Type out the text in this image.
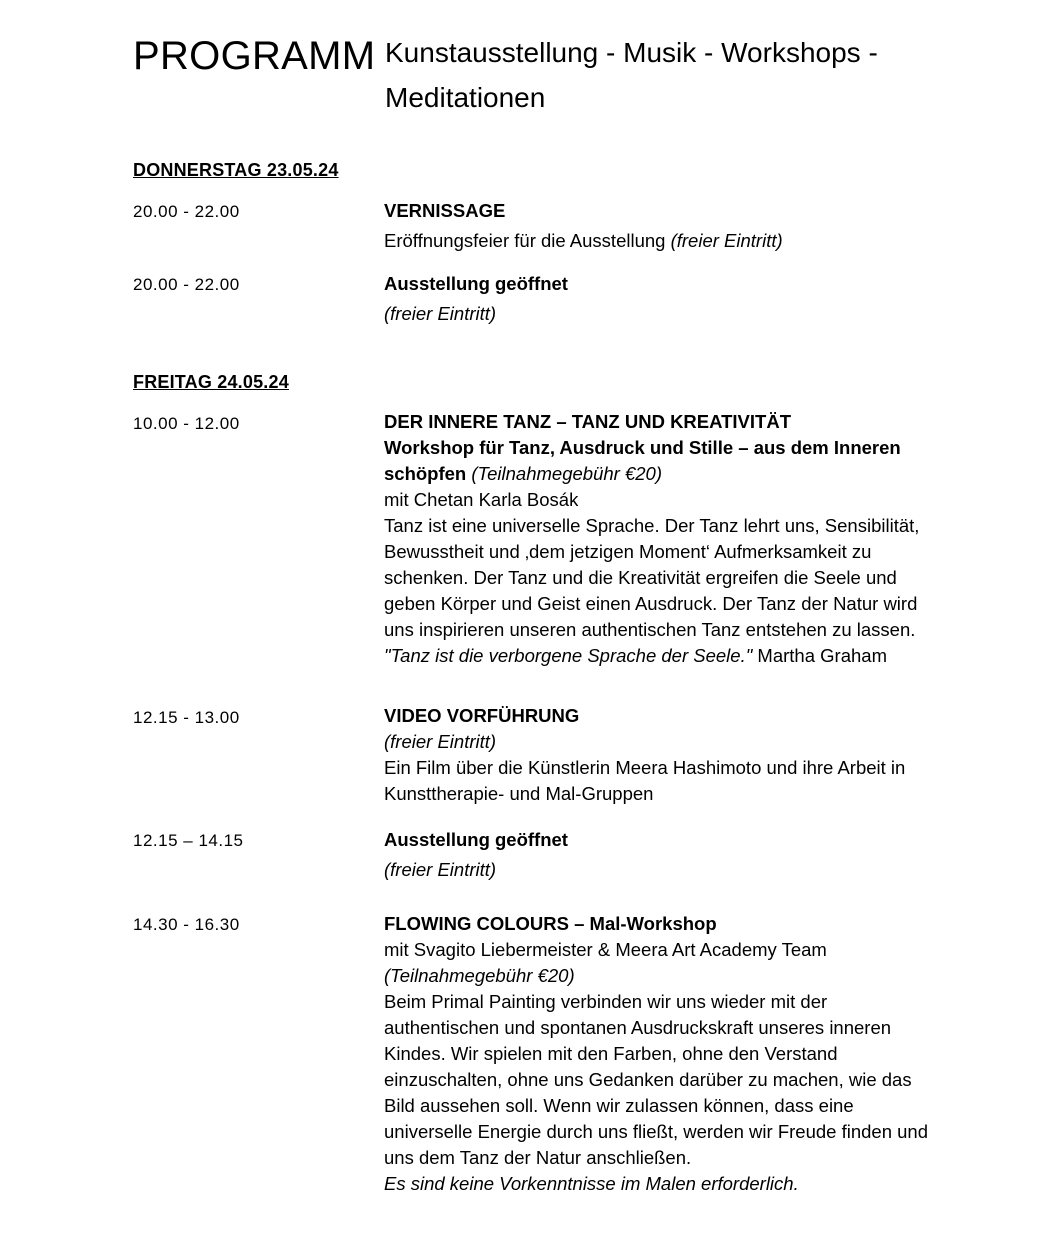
PROGRAMM Kunstausstellung - Musik - Workshops -
Meditationen
DONNERSTAG 23.05.24
20.00 - 22.00	VERNISSAGE
Eröffnungsfeier für die Ausstellung (freier Eintritt)
20.00 - 22.00	Ausstellung geöffnet
(freier Eintritt)
FREITAG 24.05.24
10.00 - 12.00	DER INNERE TANZ – TANZ UND KREATIVITÄT
Workshop für Tanz, Ausdruck und Stille – aus dem Inneren schöpfen (Teilnahmegebühr €20)
mit Chetan Karla Bosák
Tanz ist eine universelle Sprache. Der Tanz lehrt uns, Sensibilität, Bewusstheit und ‚dem jetzigen Moment‘ Aufmerksamkeit zu schenken. Der Tanz und die Kreativität ergreifen die Seele und geben Körper und Geist einen Ausdruck. Der Tanz der Natur wird uns inspirieren unseren authentischen Tanz entstehen zu lassen.
"Tanz ist die verborgene Sprache der Seele." Martha Graham
12.15 - 13.00	VIDEO VORFÜHRUNG
(freier Eintritt)
Ein Film über die Künstlerin Meera Hashimoto und ihre Arbeit in Kunsttherapie- und Mal-Gruppen
12.15 – 14.15	Ausstellung geöffnet
(freier Eintritt)
14.30 - 16.30	FLOWING COLOURS – Mal-Workshop
mit Svagito Liebermeister & Meera Art Academy Team
(Teilnahmegebühr €20)
Beim Primal Painting verbinden wir uns wieder mit der authentischen und spontanen Ausdruckskraft unseres inneren Kindes. Wir spielen mit den Farben, ohne den Verstand einzuschalten, ohne uns Gedanken darüber zu machen, wie das Bild aussehen soll. Wenn wir zulassen können, dass eine universelle Energie durch uns fließt, werden wir Freude finden und uns dem Tanz der Natur anschließen.
Es sind keine Vorkenntnisse im Malen erforderlich.
